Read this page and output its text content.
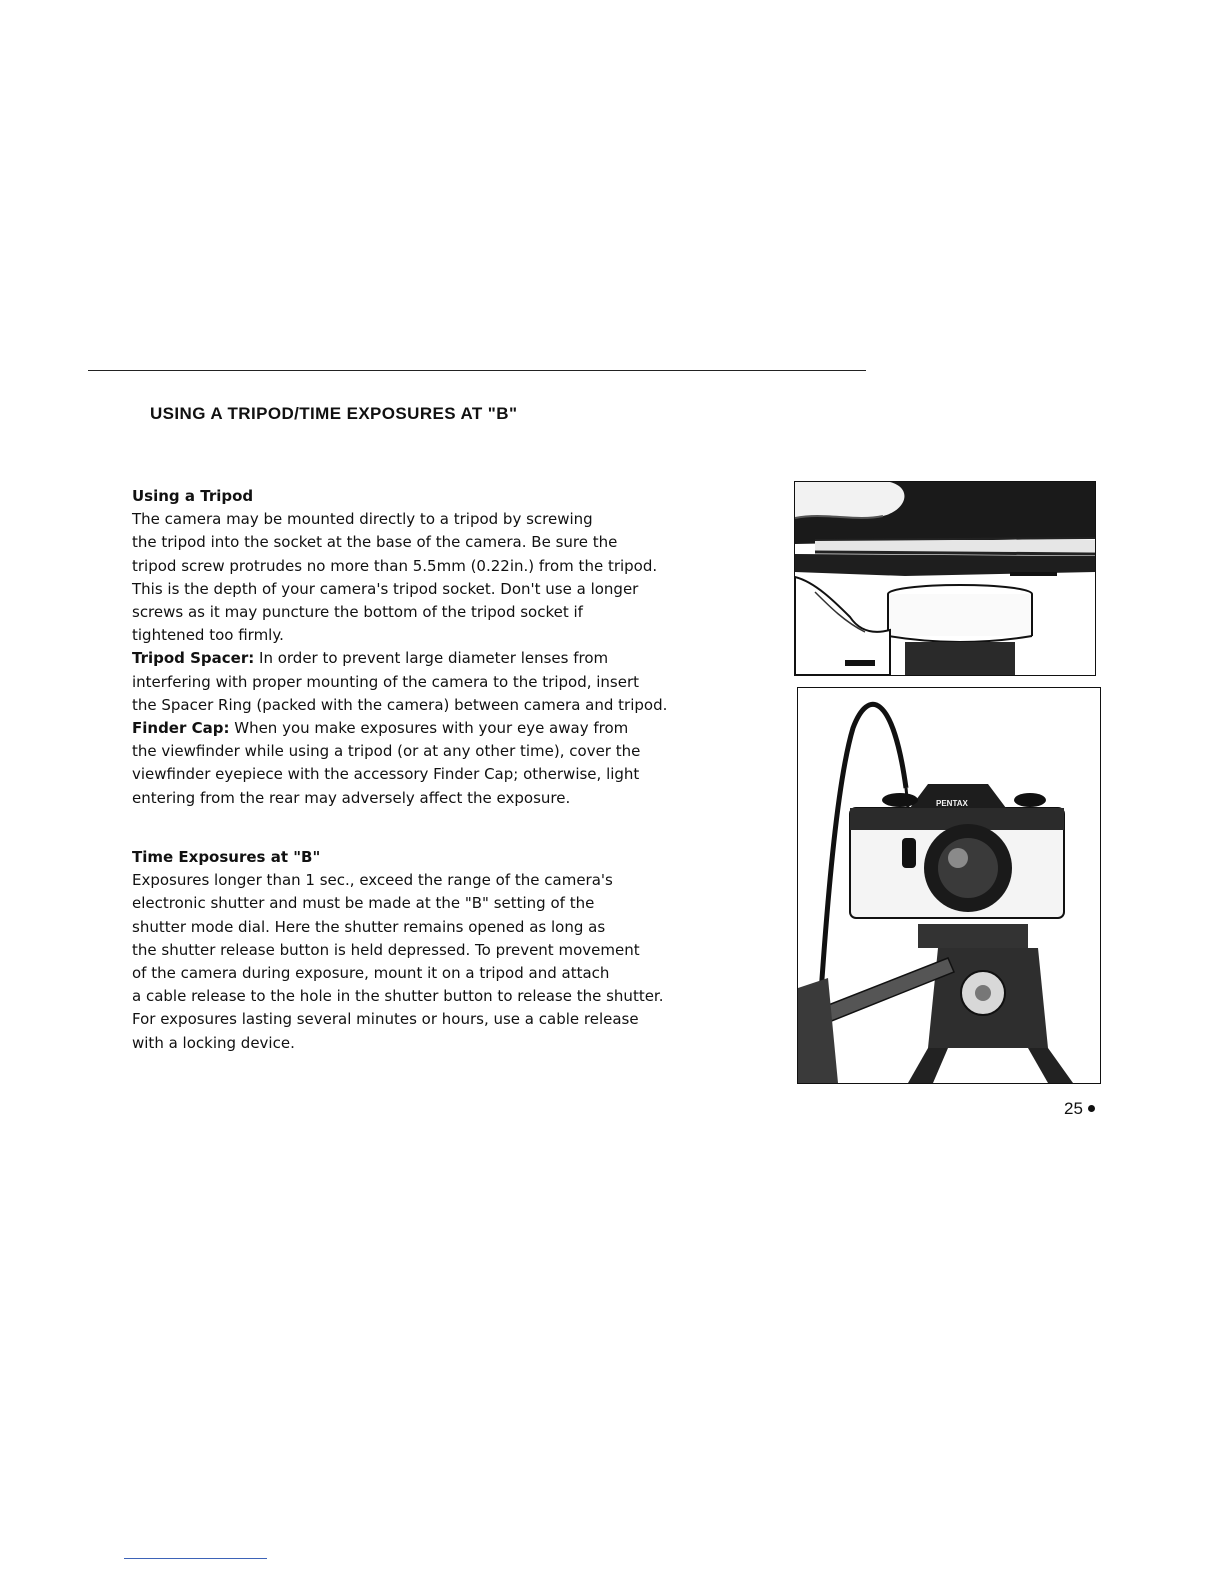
USING A TRIPOD/TIME EXPOSURES AT "B"

Using a Tripod

The camera may be mounted directly to a tripod by screwing

the tripod into the socket at the base of the camera. Be sure the

tripod screw protrudes no more than 5.5mm (0.22in.) from the tripod.

This is the depth of your camera's tripod socket. Don't use a longer

screws as it may puncture the bottom of the tripod socket if

tightened too firmly.

Tripod Spacer: In order to prevent large diameter lenses from

interfering with proper mounting of the camera to the tripod, insert

the Spacer Ring (packed with the camera) between camera and tripod.

Finder Cap: When you make exposures with your eye away from

the viewfinder while using a tripod (or at any other time), cover the

viewfinder eyepiece with the accessory Finder Cap; otherwise, light

entering from the rear may adversely affect the exposure.

Time Exposures at "B"

Exposures longer than 1 sec., exceed the range of the camera's

electronic shutter and must be made at the "B" setting of the

shutter mode dial. Here the shutter remains opened as long as

the shutter release button is held depressed. To prevent movement

of the camera during exposure, mount it on a tripod and attach

a cable release to the hole in the shutter button to release the shutter.

For exposures lasting several minutes or hours, use a cable release

with a locking device.

PENTAX
25
